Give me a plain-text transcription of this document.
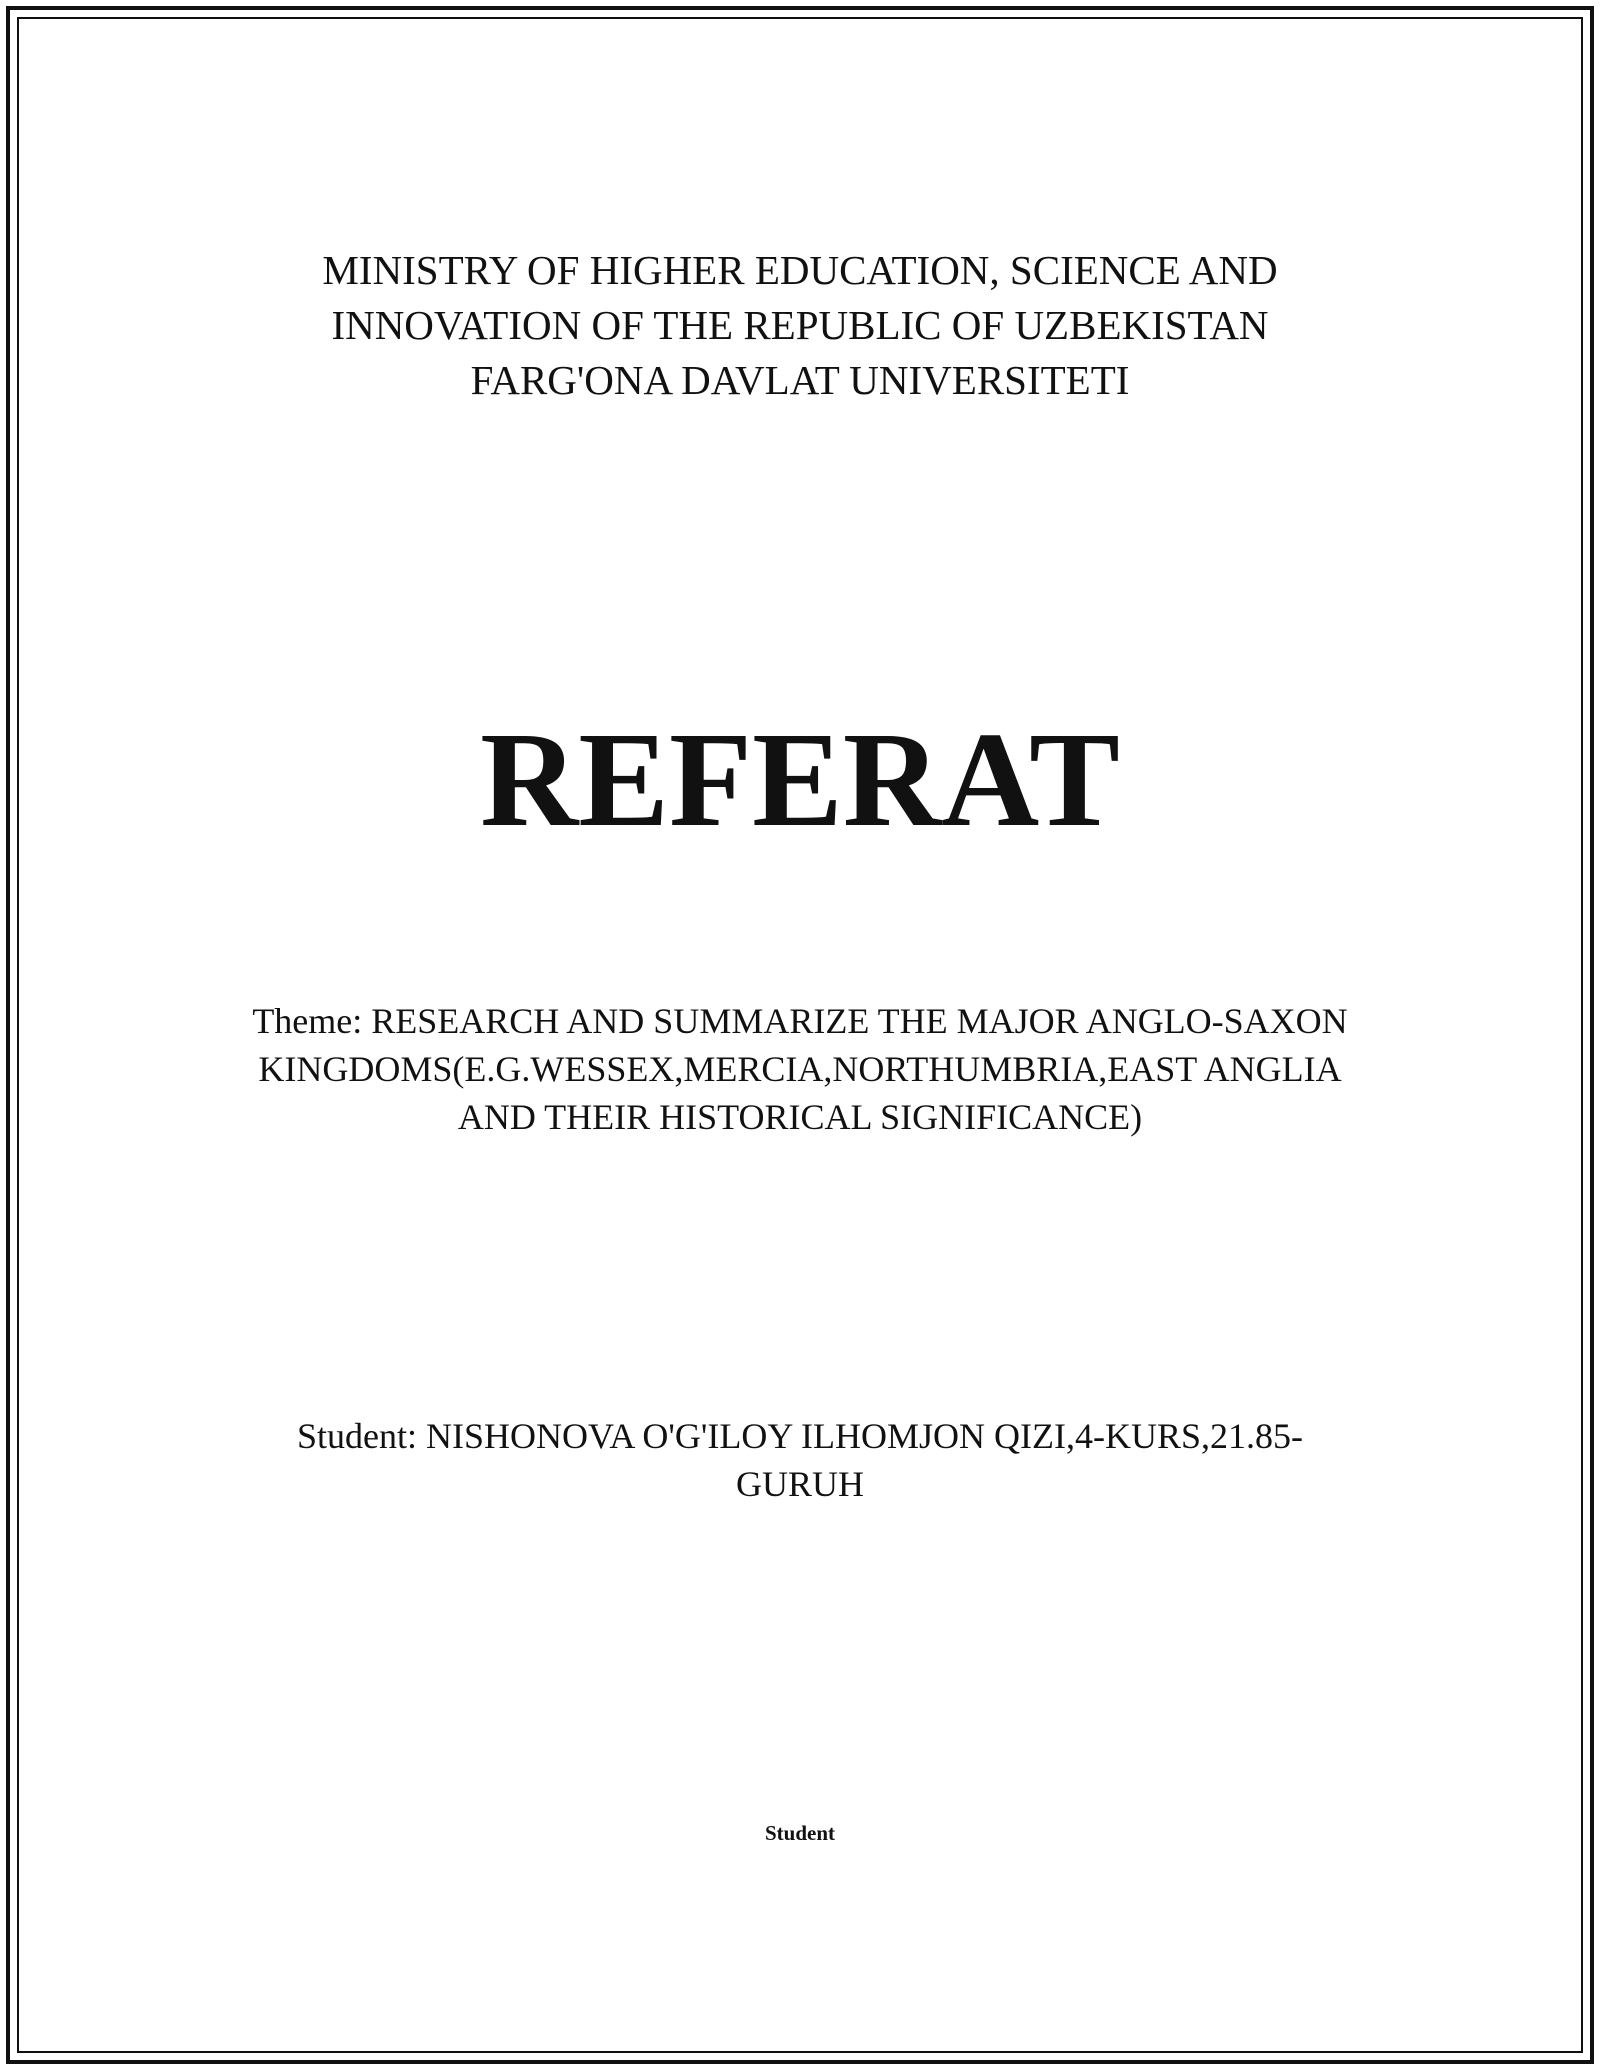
MINISTRY OF HIGHER EDUCATION, SCIENCE AND
INNOVATION OF THE REPUBLIC OF UZBEKISTAN
FARG'ONA DAVLAT UNIVERSITETI
REFERAT
Theme: RESEARCH AND SUMMARIZE THE MAJOR ANGLO-SAXON
KINGDOMS(E.G.WESSEX,MERCIA,NORTHUMBRIA,EAST ANGLIA
AND THEIR HISTORICAL SIGNIFICANCE)
Student: NISHONOVA O'G'ILOY ILHOMJON QIZI,4-KURS,21.85-
GURUH
Student
